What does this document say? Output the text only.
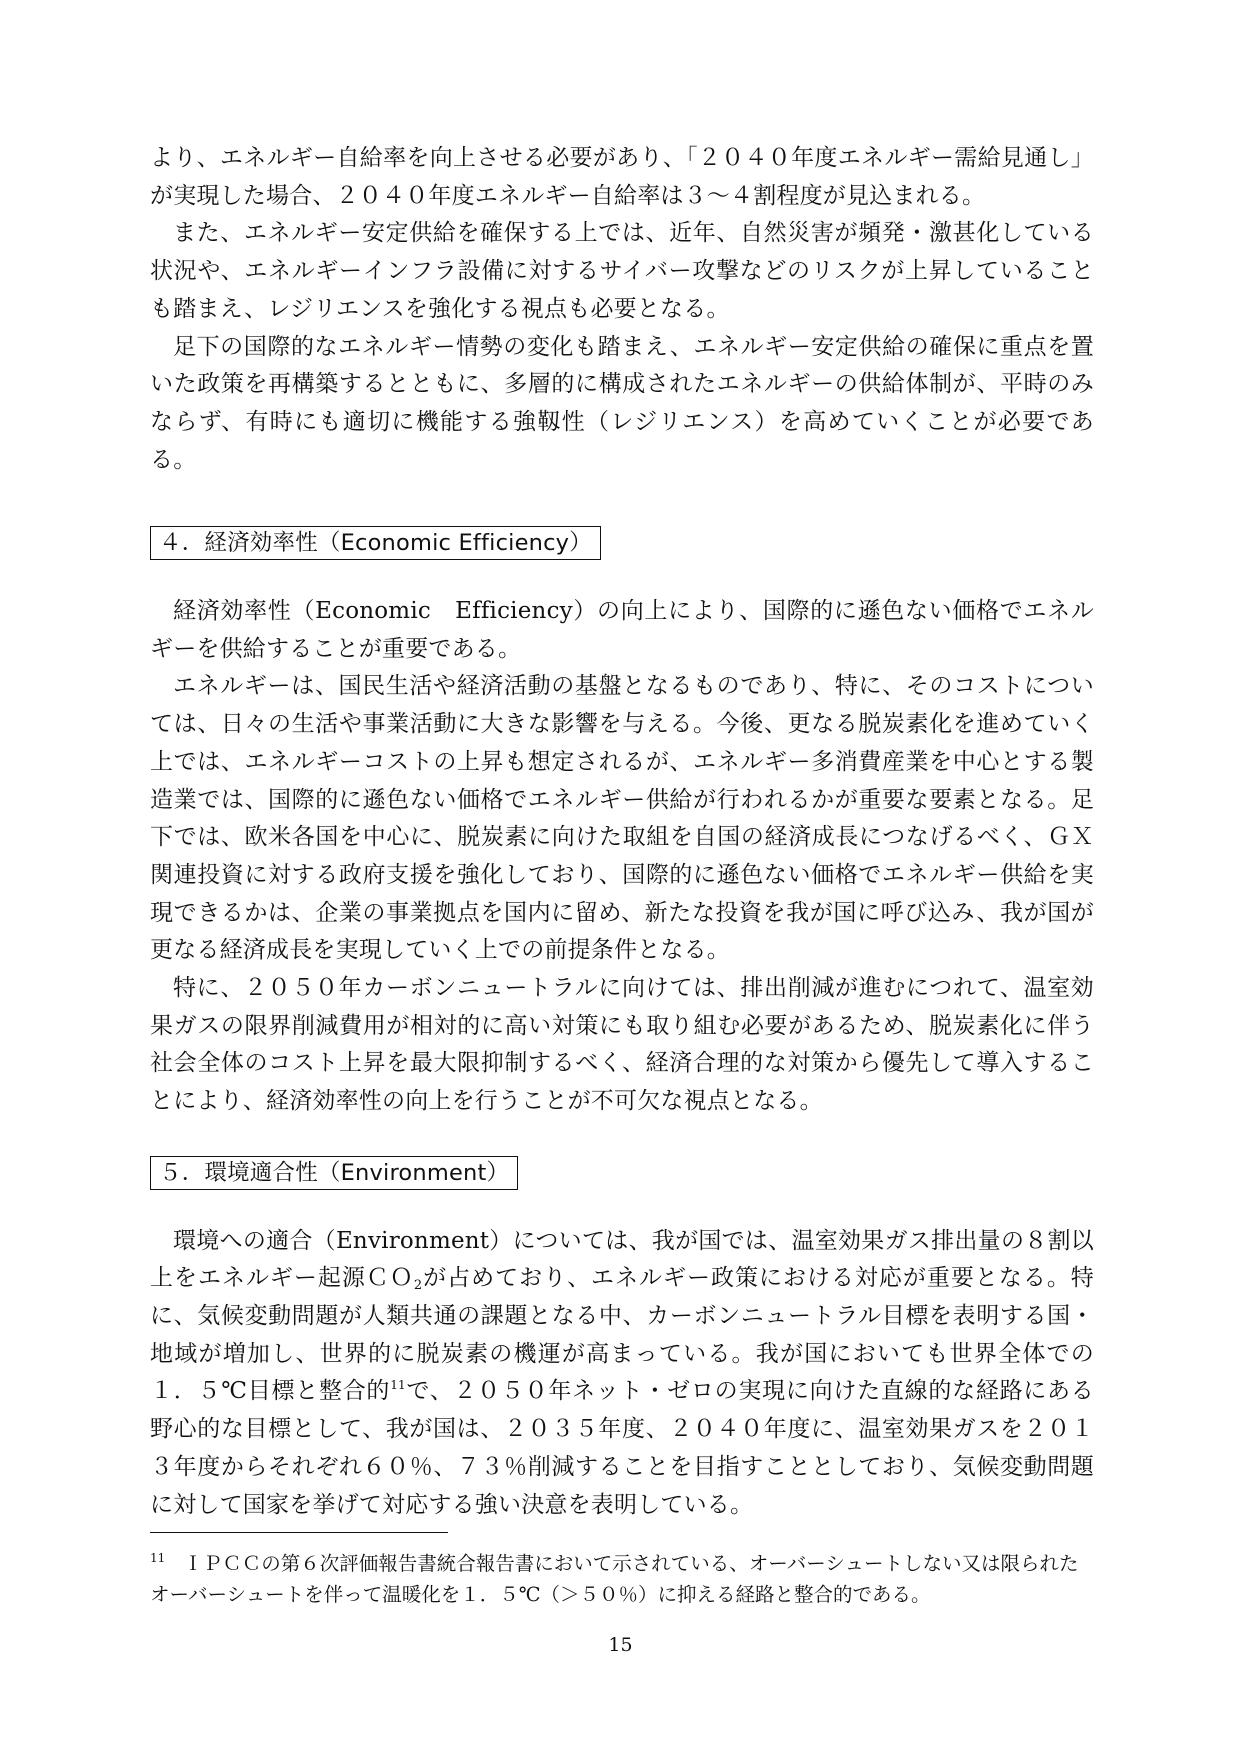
より、エネルギー自給率を向上させる必要があり、「２０４０年度エネルギー需給見通し」が実現した場合、２０４０年度エネルギー自給率は３～４割程度が見込まれる。

また、エネルギー安定供給を確保する上では、近年、自然災害が頻発・激甚化している状況や、エネルギーインフラ設備に対するサイバー攻撃などのリスクが上昇していることも踏まえ、レジリエンスを強化する視点も必要となる。

足下の国際的なエネルギー情勢の変化も踏まえ、エネルギー安定供給の確保に重点を置いた政策を再構築するとともに、多層的に構成されたエネルギーの供給体制が、平時のみならず、有時にも適切に機能する強靱性（レジリエンス）を高めていくことが必要である。

４．経済効率性（Economic Efficiency）

経済効率性（Economic　Efficiency）の向上により、国際的に遜色ない価格でエネルギーを供給することが重要である。

エネルギーは、国民生活や経済活動の基盤となるものであり、特に、そのコストについては、日々の生活や事業活動に大きな影響を与える。今後、更なる脱炭素化を進めていく上では、エネルギーコストの上昇も想定されるが、エネルギー多消費産業を中心とする製造業では、国際的に遜色ない価格でエネルギー供給が行われるかが重要な要素となる。足下では、欧米各国を中心に、脱炭素に向けた取組を自国の経済成長につなげるべく、ＧＸ関連投資に対する政府支援を強化しており、国際的に遜色ない価格でエネルギー供給を実現できるかは、企業の事業拠点を国内に留め、新たな投資を我が国に呼び込み、我が国が更なる経済成長を実現していく上での前提条件となる。

特に、２０５０年カーボンニュートラルに向けては、排出削減が進むにつれて、温室効果ガスの限界削減費用が相対的に高い対策にも取り組む必要があるため、脱炭素化に伴う社会全体のコスト上昇を最大限抑制するべく、経済合理的な対策から優先して導入することにより、経済効率性の向上を行うことが不可欠な視点となる。

５．環境適合性（Environment）

環境への適合（Environment）については、我が国では、温室効果ガス排出量の８割以上をエネルギー起源ＣＯ$_2$が占めており、エネルギー政策における対応が重要となる。特に、気候変動問題が人類共通の課題となる中、カーボンニュートラル目標を表明する国・地域が増加し、世界的に脱炭素の機運が高まっている。我が国においても世界全体での１．５℃目標と整合的$^{11}$で、２０５０年ネット・ゼロの実現に向けた直線的な経路にある野心的な目標として、我が国は、２０３５年度、２０４０年度に、温室効果ガスを２０１３年度からそれぞれ６０％、７３％削減することを目指すこととしており、気候変動問題に対して国家を挙げて対応する強い決意を表明している。

$^{11}$ ＩＰＣＣの第６次評価報告書統合報告書において示されている、オーバーシュートしない又は限られたオーバーシュートを伴って温暖化を１．５℃（＞５０％）に抑える経路と整合的である。

15
